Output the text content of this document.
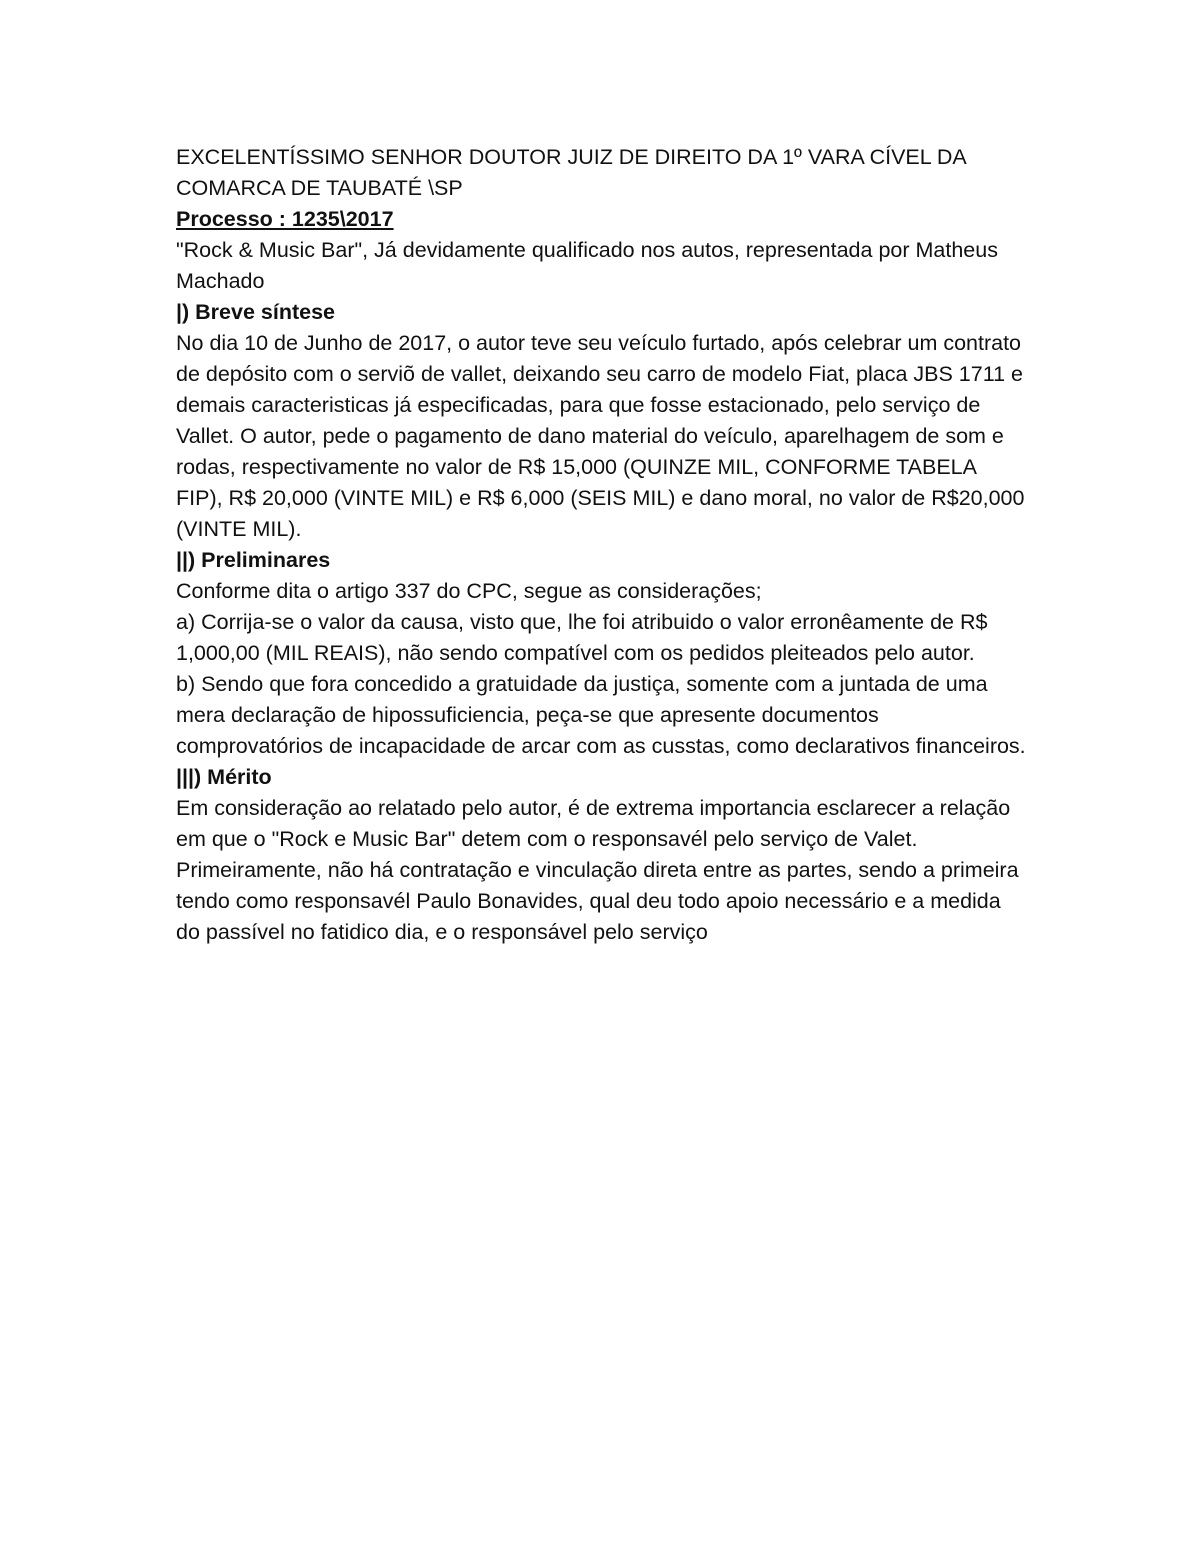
EXCELENTÍSSIMO SENHOR DOUTOR JUIZ DE DIREITO DA 1º VARA CÍVEL DA COMARCA DE TAUBATÉ \SP

Processo : 1235\2017

"Rock & Music Bar", Já devidamente qualificado nos autos, representada por Matheus Machado

|) Breve síntese

No dia 10 de Junho de 2017, o autor teve seu veículo furtado, após celebrar um contrato de depósito com o serviõ de vallet, deixando seu carro de modelo Fiat, placa JBS 1711 e demais caracteristicas já especificadas, para que fosse estacionado, pelo serviço de Vallet. O autor, pede o pagamento de dano material do veículo, aparelhagem de som e rodas, respectivamente no valor de R$ 15,000 (QUINZE MIL, CONFORME TABELA FIP), R$ 20,000 (VINTE MIL) e R$ 6,000 (SEIS MIL) e dano moral, no valor de R$20,000 (VINTE MIL).

||) Preliminares

Conforme dita o artigo 337 do CPC, segue as considerações;

a) Corrija-se o valor da causa, visto que, lhe foi atribuido o valor erronêamente de R$ 1,000,00 (MIL REAIS), não sendo compatível com os pedidos pleiteados pelo autor.

b) Sendo que fora concedido a gratuidade da justiça, somente com a juntada de uma mera declaração de hipossuficiencia, peça-se que apresente documentos comprovatórios de incapacidade de arcar com as cusstas, como declarativos financeiros.

|||) Mérito

Em consideração ao relatado pelo autor, é de extrema importancia esclarecer a relação em que o "Rock e Music Bar" detem com o responsavél pelo serviço de Valet.

Primeiramente, não há contratação e vinculação direta entre as partes, sendo a primeira tendo como responsavél Paulo Bonavides, qual deu todo apoio necessário e a medida do passível no fatidico dia, e o responsável pelo serviço
